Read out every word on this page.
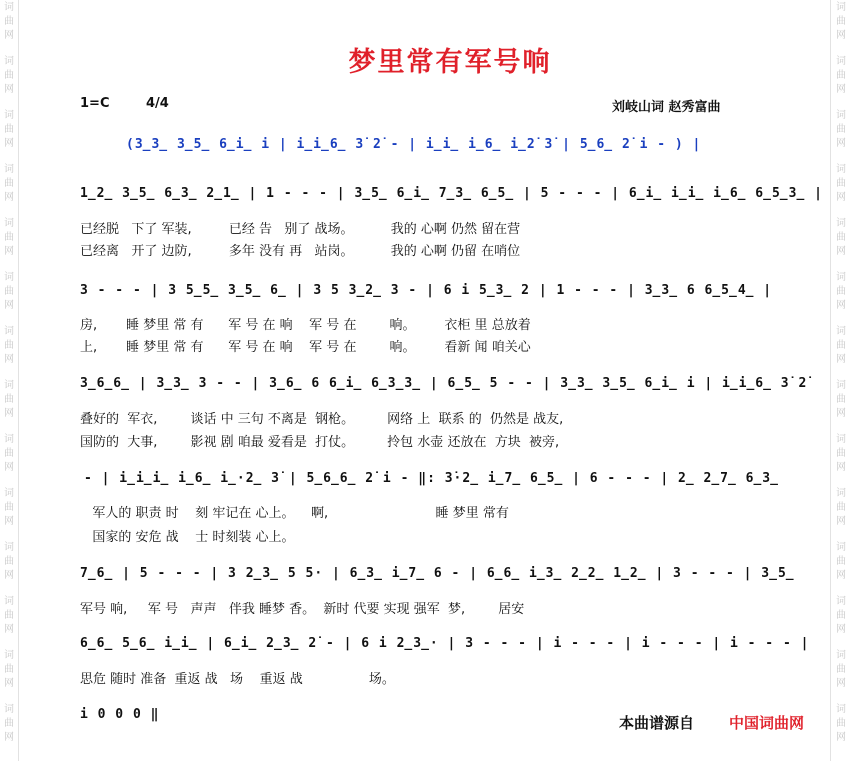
词
曲
网
词
曲
网
词
曲
网
词
曲
网
词
曲
网
词
曲
网
词
曲
网
词
曲
网
词
曲
网
词
曲
网
词
曲
网
词
曲
网
词
曲
网
词
曲
网
词
曲
网
词
曲
网
词
曲
网
词
曲
网
词
曲
网
词
曲
网
词
曲
网
词
曲
网
词
曲
网
词
曲
网
词
曲
网
词
曲
网
词
曲
网
词
曲
网
梦里常有军号响
1=C	4/4	刘岐山词 赵秀富曲
(3̲3̲ 3̲5̲ 6̲i̲ i | i̲i̲6̲ 3̇ 2̇ - | i̲i̲ i̲6̲ i̲2̇ 3̇ | 5̲6̲ 2̇ i - ) |
1̲2̲ 3̲5̲ 6̲3̲ 2̲1̲ | 1 - - - | 3̲5̲ 6̲i̲ 7̲3̲ 6̲5̲ | 5 - - - | 6̲i̲ i̲i̲ i̲6̲ 6̲5̲3̲ |
已经脱   下了 军装,         已经 告   别了 战场。         我的 心啊 仍然 留在营
已经离   开了 边防,         多年 没有 再   站岗。         我的 心啊 仍留 在哨位
3 - - - | 3 5̲5̲ 3̲5̲ 6̲ | 3 5 3̲2̲ 3 - | 6 i 5̲3̲ 2 | 1 - - - | 3̲3̲ 6 6̲5̲4̲ |
房,       睡 梦里 常 有      军 号 在 响    军 号 在        响。       衣柜 里 总放着
上,       睡 梦里 常 有      军 号 在 响    军 号 在        响。       看新 闻 咱关心
3̲6̲6̲ | 3̲3̲ 3 - - | 3̲6̲ 6 6̲i̲ 6̲3̲3̲ | 6̲5̲ 5 - - | 3̲3̲ 3̲5̲ 6̲i̲ i | i̲i̲6̲ 3̇ 2̇
叠好的  军衣,        谈话 中 三句 不离是  钢枪。        网络 上  联系 的  仍然是 战友,
国防的  大事,        影视 剧 咱最 爱看是  打仗。        拎包 水壶 还放在  方块  被旁,
- | i̲i̲i̲ i̲6̲ i̲·2̲ 3̇ | 5̲6̲6̲ 2̇ i - ‖: 3̇·2̲ i̲7̲ 6̲5̲ | 6 - - - | 2̲ 2̲7̲ 6̲3̲
军人的 职责 时    刻 牢记在 心上。    啊,                          睡 梦里 常有
国家的 安危 战    士 时刻装 心上。
7̲6̲ | 5 - - - | 3 2̲3̲ 5 5· | 6̲3̲ i̲7̲ 6 - | 6̲6̲ i̲3̲ 2̲2̲ 1̲2̲ | 3 - - - | 3̲5̲
军号 响,     军 号   声声   伴我 睡梦 香。  新时 代要 实现 强军  梦,        居安
6̲6̲ 5̲6̲ i̲i̲ | 6̲i̲ 2̲3̲ 2̇ - | 6 i 2̲3̲· | 3 - - - | i - - - | i - - - | i - - - |
思危 随时 准备  重返 战   场    重返 战                场。
i 0 0 0 ‖	本曲谱源自 中国词曲网
